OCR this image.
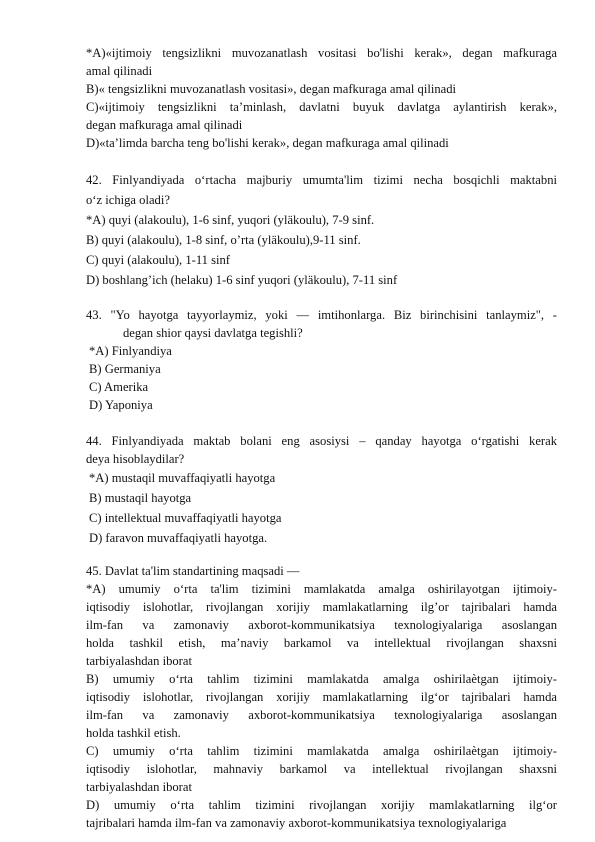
*A)«ijtimoiy tengsizlikni muvozanatlash vositasi bo'lishi kerak», degan mafkuraga
amal qilinadi
B)« tengsizlikni muvozanatlash vositasi», degan mafkuraga amal qilinadi
C)«ijtimoiy tengsizlikni ta’minlash, davlatni buyuk davlatga aylantirish kerak»,
degan mafkuraga amal qilinadi
D)«ta’limda barcha teng bo'lishi kerak», degan mafkuraga amal qilinadi
42. Finlyandiyada o‘rtacha majburiy umumta'lim tizimi necha bosqichli maktabni
o‘z ichiga oladi?
*A) quyi (alakoulu), 1-6 sinf, yuqori (yläkoulu), 7-9 sinf.
B) quyi (alakoulu), 1-8 sinf, o’rta (yläkoulu),9-11 sinf.
C) quyi (alakoulu), 1-11 sinf
D) boshlang’ich (helaku) 1-6 sinf yuqori (yläkoulu), 7-11 sinf
43. "Yo hayotga tayyorlaymiz, yoki — imtihonlarga. Biz birinchisini tanlaymiz", -
degan shior qaysi davlatga tegishli?
*A) Finlyandiya
B) Germaniya
C) Amerika
D) Yaponiya
44. Finlyandiyada maktab bolani eng asosiysi – qanday hayotga o‘rgatishi kerak
deya hisoblaydilar?
*A) mustaqil muvaffaqiyatli hayotga
B) mustaqil hayotga
C) intellektual muvaffaqiyatli hayotga
D) faravon muvaffaqiyatli hayotga.
45. Davlat ta'lim standartining maqsadi —
*A) umumiy o‘rta ta'lim tizimini mamlakatda amalga oshirilayotgan ijtimoiy-
iqtisodiy islohotlar, rivojlangan xorijiy mamlakatlarning ilg’or tajribalari hamda
ilm-fan va zamonaviy axborot-kommunikatsiya texnologiyalariga asoslangan
holda tashkil etish, ma’naviy barkamol va intellektual rivojlangan shaxsni
tarbiyalashdan iborat
B) umumiy o‘rta tahlim tizimini mamlakatda amalga oshirilaѐtgan ijtimoiy-
iqtisodiy islohotlar, rivojlangan xorijiy mamlakatlarning ilg‘or tajribalari hamda
ilm-fan va zamonaviy axborot-kommunikatsiya texnologiyalariga asoslangan
holda tashkil etish.
C) umumiy o‘rta tahlim tizimini mamlakatda amalga oshirilaѐtgan ijtimoiy-
iqtisodiy islohotlar, mahnaviy barkamol va intellektual rivojlangan shaxsni
tarbiyalashdan iborat
D) umumiy o‘rta tahlim tizimini rivojlangan xorijiy mamlakatlarning ilg‘or
tajribalari hamda ilm-fan va zamonaviy axborot-kommunikatsiya texnologiyalariga
